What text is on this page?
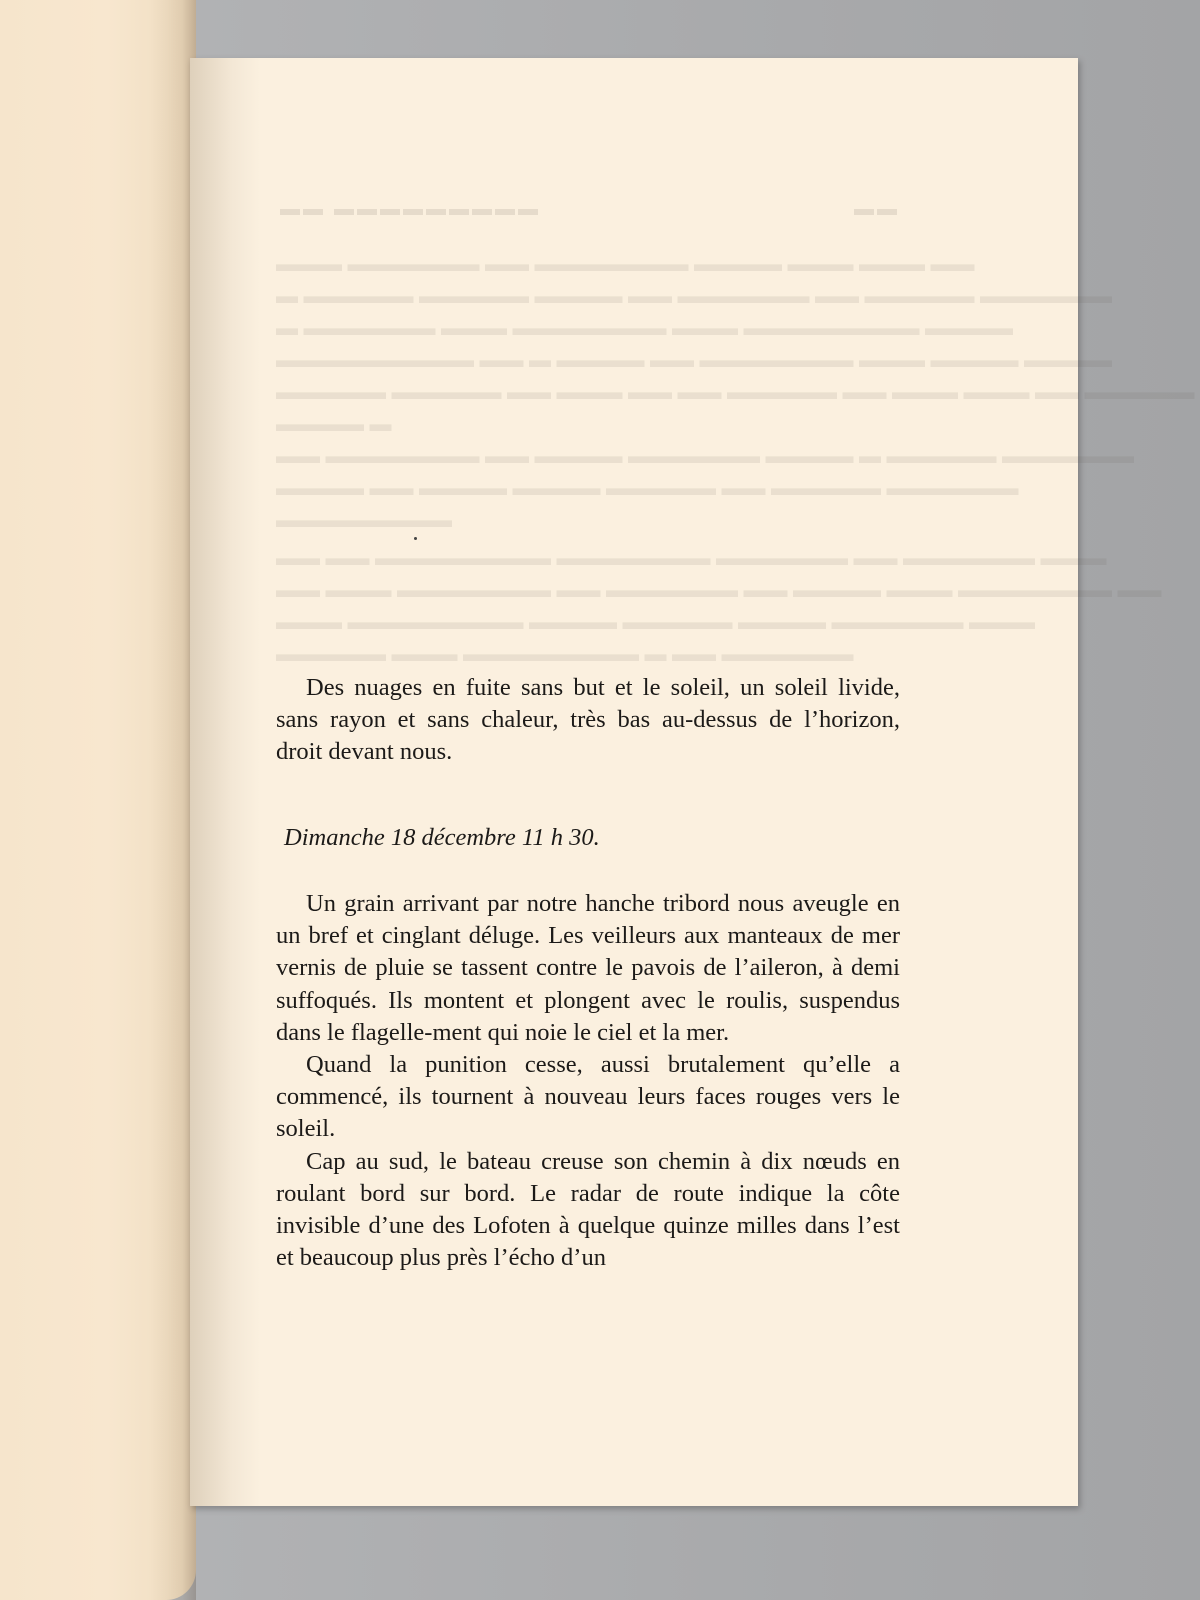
▬▬ ▬▬▬▬▬▬▬▬▬	▬▬
▬▬▬ ▬▬▬▬▬▬ ▬▬ ▬▬▬▬▬▬▬ ▬▬▬▬ ▬▬▬ ▬▬▬ ▬▬
▬ ▬▬▬▬▬ ▬▬▬▬▬ ▬▬▬▬ ▬▬ ▬▬▬▬▬▬ ▬▬ ▬▬▬▬▬ ▬▬▬▬▬▬
▬ ▬▬▬▬▬▬ ▬▬▬ ▬▬▬▬▬▬▬ ▬▬▬ ▬▬▬▬▬▬▬▬ ▬▬▬▬
▬▬▬▬▬▬▬▬▬ ▬▬ ▬ ▬▬▬▬ ▬▬ ▬▬▬▬▬▬▬ ▬▬▬ ▬▬▬▬ ▬▬▬▬
▬▬▬▬▬ ▬▬▬▬▬ ▬▬ ▬▬▬ ▬▬ ▬▬ ▬▬▬▬▬ ▬▬ ▬▬▬ ▬▬▬ ▬▬ ▬▬▬▬▬
▬▬▬▬ ▬
▬▬ ▬▬▬▬▬▬▬ ▬▬ ▬▬▬▬ ▬▬▬▬▬▬ ▬▬▬▬ ▬ ▬▬▬▬▬ ▬▬▬▬▬▬
▬▬▬▬ ▬▬ ▬▬▬▬ ▬▬▬▬ ▬▬▬▬▬ ▬▬ ▬▬▬▬▬ ▬▬▬▬▬▬
▬▬▬▬▬▬▬▬
▬▬ ▬▬ ▬▬▬▬▬▬▬▬ ▬▬▬▬▬▬▬ ▬▬▬▬▬▬ ▬▬ ▬▬▬▬▬▬ ▬▬▬
▬▬ ▬▬▬ ▬▬▬▬▬▬▬ ▬▬ ▬▬▬▬▬▬ ▬▬ ▬▬▬▬ ▬▬▬ ▬▬▬▬▬▬▬ ▬▬
▬▬▬ ▬▬▬▬▬▬▬▬ ▬▬▬▬ ▬▬▬▬▬ ▬▬▬▬ ▬▬▬▬▬▬ ▬▬▬
▬▬▬▬▬ ▬▬▬ ▬▬▬▬▬▬▬▬ ▬ ▬▬ ▬▬▬▬▬▬

Des nuages en fuite sans but et le soleil, un soleil livide, sans rayon et sans chaleur, très bas au-dessus de l’horizon, droit devant nous.

Dimanche 18 décembre 11 h 30.

Un grain arrivant par notre hanche tribord nous aveugle en un bref et cinglant déluge. Les veilleurs aux manteaux de mer vernis de pluie se tassent contre le pavois de l’aileron, à demi suffoqués. Ils montent et plongent avec le roulis, suspendus dans le flagelle-ment qui noie le ciel et la mer.

Quand la punition cesse, aussi brutalement qu’elle a commencé, ils tournent à nouveau leurs faces rouges vers le soleil.

Cap au sud, le bateau creuse son chemin à dix nœuds en roulant bord sur bord. Le radar de route indique la côte invisible d’une des Lofoten à quelque quinze milles dans l’est et beaucoup plus près l’écho d’un
